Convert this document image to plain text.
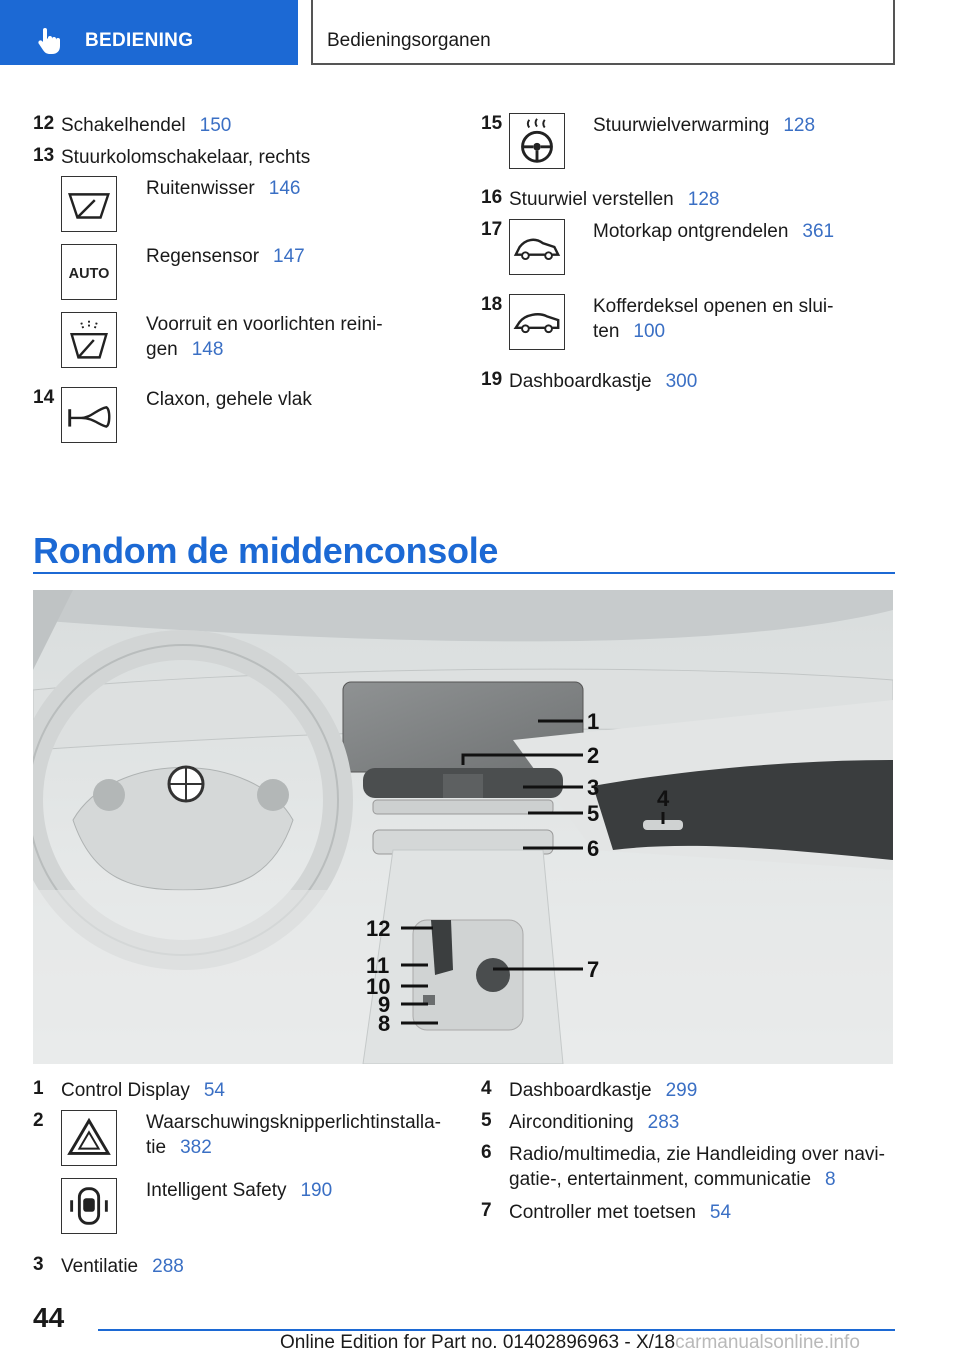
BEDIENING	Bedieningsorganen
12 Schakelhendel 150
13 Stuurkolomschakelaar, rechts
Ruitenwisser 146
AUTO
Regensensor 147
Voorruit en voorlichten reini-
gen 148
14	Claxon, gehele vlak
15	Stuurwielverwarming 128
16 Stuurwiel verstellen 128
17	Motorkap ontgrendelen 361
18	Kofferdeksel openen en slui-
ten 100
19 Dashboardkastje 300
Rondom de middenconsole
1
2
3	4
5
6
7
8
9
10
11
12
1 Control Display 54
2	Waarschuwingsknipperlichtinstalla-
tie 382
Intelligent Safety 190
3 Ventilatie 288
4 Dashboardkastje 299
5 Airconditioning 283
6 Radio/multimedia, zie Handleiding over navi-
gatie-, entertainment, communicatie 8
7 Controller met toetsen 54
44
Online Edition for Part no. 01402896963 - X/18carmanualsonline.info
